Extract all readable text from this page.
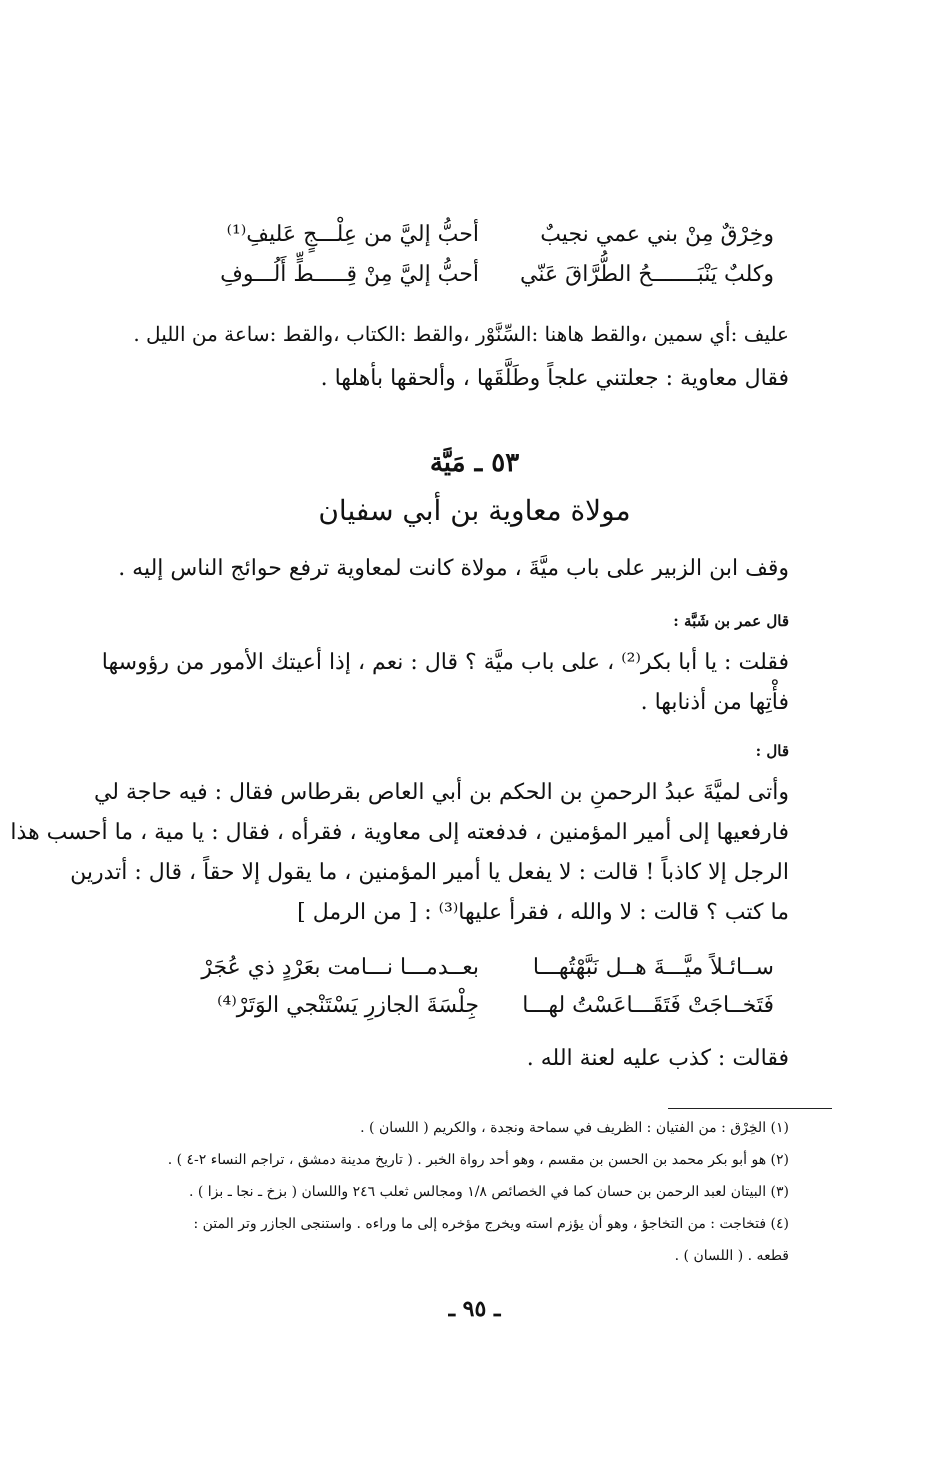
وخِرْقٌ مِنْ بني عمي نجيبٌ
أحبُّ إليَّ من عِلْـــجٍ عَليفِ⁽¹⁾
وكلبٌ يَنْبَـــــــحُ الطُّرَّاقَ عَنّي
أحبُّ إليَّ مِنْ قِـــــطٍّ أَلُـــوفِ
عليف :أي سمين ،والقط هاهنا :السِّنَّوْر ،والقط :الكتاب ،والقط :ساعة من الليل .
فقال معاوية : جعلتني علجاً وطَلَّقَها ، وألحقها بأهلها .
٥٣ ـ مَيَّة
مولاة معاوية بن أبي سفيان
وقف ابن الزبير على باب ميَّةَ ، مولاة كانت لمعاوية ترفع حوائج الناس إليه .
قال عمر بن شَبَّة :
فقلت : يا أبا بكر⁽²⁾ ، على باب ميَّة ؟ قال : نعم ، إذا أعيتك الأمور من رؤوسها
فأْتِها من أذنابها .
قال :
وأتى لميَّةَ عبدُ الرحمنِ بن الحكم بن أبي العاص بقرطاس فقال : فيه حاجة لي
فارفعيها إلى أمير المؤمنين ، فدفعته إلى معاوية ، فقرأه ، فقال : يا مية ، ما أحسب هذا
الرجل إلا كاذباً ! قالت : لا يفعل يا أمير المؤمنين ، ما يقول إلا حقاً ، قال : أتدرين
ما كتب ؟ قالت : لا والله ، فقرأ عليها⁽³⁾ : [ من الرمل ]
ســائـلاً ميَّـــةَ هــل نَبَّهْتُهـــا
بعــدمـــا نـــامت بعَرْدٍ ذي عُجَرْ
فَتَخــاجَتْ فَتَقَـــاعَسْتُ لهـــا
جِلْسَةَ الجازرِ يَسْتَنْجي الوَتَرْ⁽⁴⁾
فقالت : كذب عليه لعنة الله .
(١) الخِرْق : من الفتيان : الظريف في سماحة ونجدة ، والكريم ( اللسان ) .
(٢) هو أبو بكر محمد بن الحسن بن مقسم ، وهو أحد رواة الخبر . ( تاريخ مدينة دمشق ، تراجم النساء ٢-٤ ) .
(٣) البيتان لعبد الرحمن بن حسان كما في الخصائص ١/٨ ومجالس ثعلب ٢٤٦ واللسان ( بزخ ـ نجا ـ بزا ) .
(٤) فتخاجت : من التخاجؤ ، وهو أن يؤزم استه ويخرج مؤخره إلى ما وراءه . واستنجى الجازر وتر المتن :
قطعه . ( اللسان ) .
ـ ٩٥ ـ
